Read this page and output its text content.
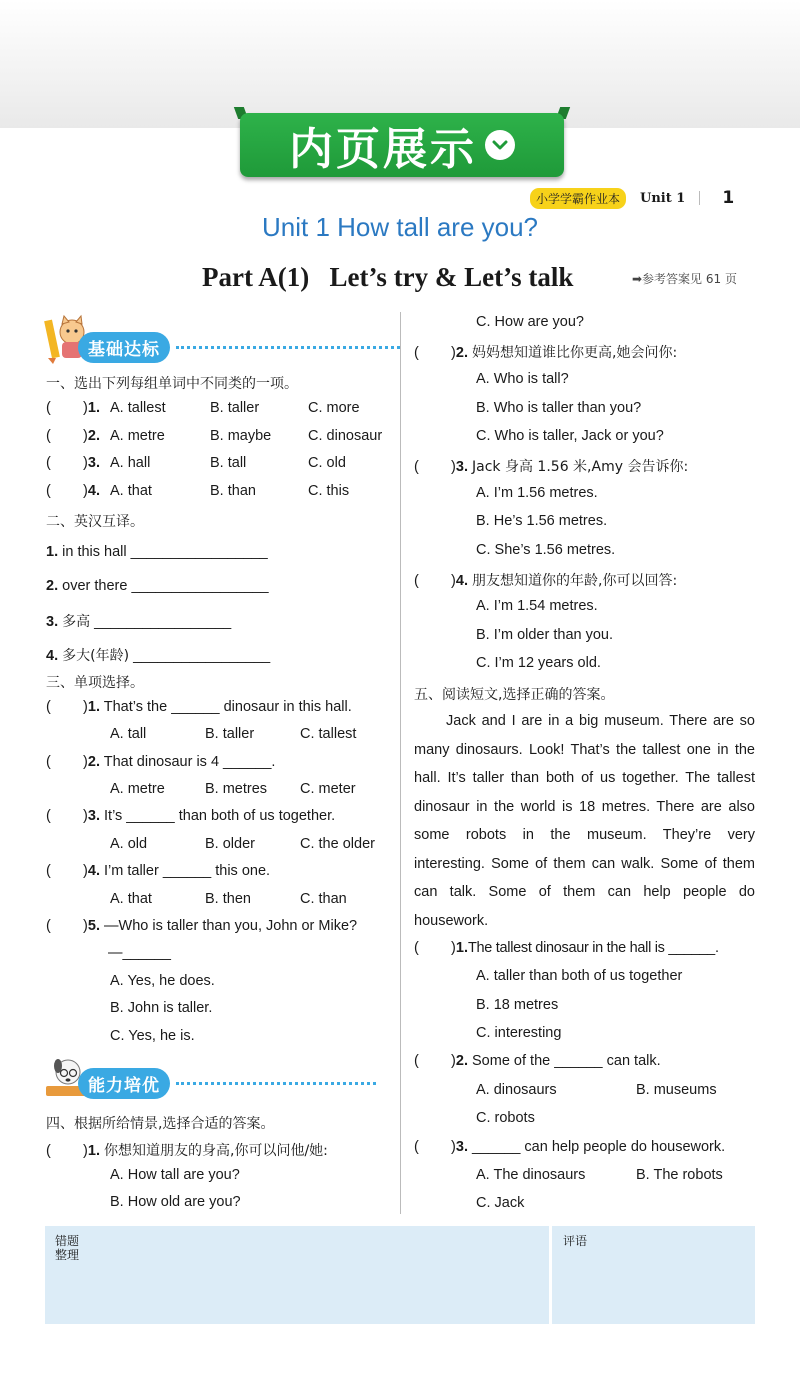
内页展示
小学学霸作业本	Unit 1 1
Unit 1 How tall are you?
Part A(1)   Let’s try & Let’s talk	➡参考答案见 61 页
基础达标
一、选出下列每组单词中不同类的一项。
(        )1. A. tallest	B. taller	C. more
(        )2. A. metre	B. maybe	C. dinosaur
(        )3. A. hall	B. tall	C. old
(        )4. A. that	B. than	C. this
二、英汉互译。
1. in this hall _________________
2. over there _________________
3. 多高 _________________
4. 多大(年龄) _________________
三、单项选择。
(        )1. That’s the ______ dinosaur in this hall.
A. tall	B. taller	C. tallest
(        )2. That dinosaur is 4 ______.
A. metre	B. metres C. meter
(        )3. It’s ______ than both of us together.
A. old	B. older	C. the older
(        )4. I’m taller ______ this one.
A. that	B. then	C. than
(        )5. —Who is taller than you, John or Mike?
—______
A. Yes, he does.
B. John is taller.
C. Yes, he is.
能力培优
四、根据所给情景,选择合适的答案。
(        )1. 你想知道朋友的身高,你可以问他/她:
A. How tall are you?
B. How old are you?
C. How are you?
(        )2. 妈妈想知道谁比你更高,她会问你:
A. Who is tall?
B. Who is taller than you?
C. Who is taller, Jack or you?
(        )3. Jack 身高 1.56 米,Amy 会告诉你:
A. I’m 1.56 metres.
B. He’s 1.56 metres.
C. She’s 1.56 metres.
(        )4. 朋友想知道你的年龄,你可以回答:
A. I’m 1.54 metres.
B. I’m older than you.
C. I’m 12 years old.
五、阅读短文,选择正确的答案。
Jack and I are in a big museum. There are so many dinosaurs. Look! That’s the tallest one in the hall. It’s taller than both of us together. The tallest dinosaur in the world is 18 metres. There are also some robots in the museum. They’re very interesting. Some of them can walk. Some of them can talk. Some of them can help people do housework.
(        )1.The tallest dinosaur in the hall is ______.
A. taller than both of us together
B. 18 metres
C. interesting
(        )2. Some of the ______ can talk.
A. dinosaurs	B. museums
C. robots
(        )3. ______ can help people do housework.
A. The dinosaurs	B. The robots
C. Jack
错题
整理
评语
